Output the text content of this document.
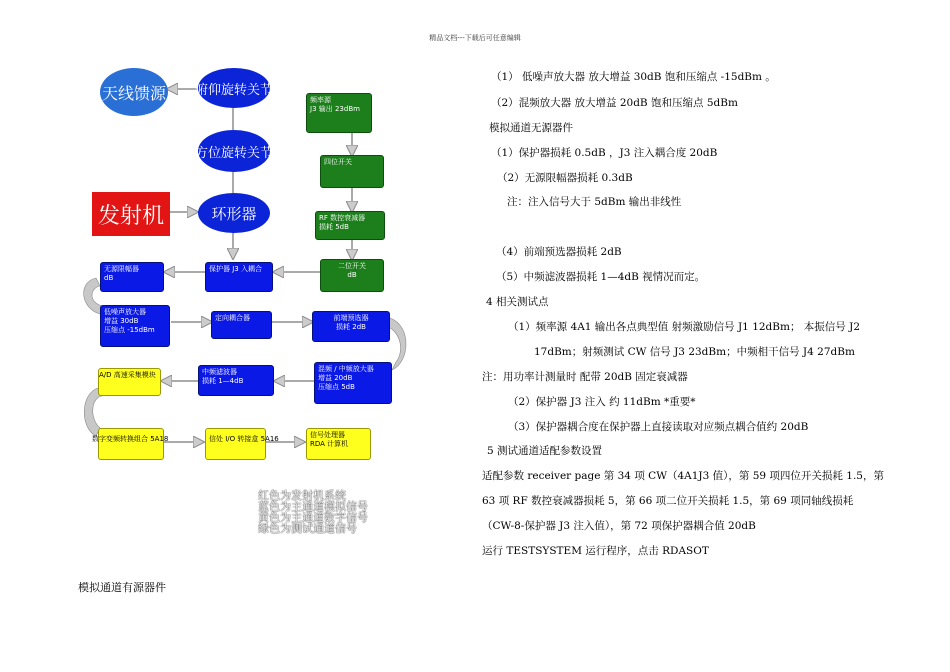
精品文档---下载后可任意编辑
天线馈源 俯仰旋转关节
方位旋转关节
环形器
发射机
频率源
J3 输出 23dBm
四位开关
RF 数控衰减器
损耗 5dB
二位开关
dB
无源限幅器
dB
保护器 J3 入耦合
低噪声放大器
增益 30dB
压缩点 -15dBm
定向耦合器	前端预选器
损耗 2dB
混频 / 中频放大器
增益 20dB
压缩点 5dB
中频滤波器
损耗 1—4dB
A/D 高速采集模块
数字变频转换组合 5A18	信处 I/O 转接盒 5A16	信号处理器
RDA 计算机
红色为发射机系统
蓝色为主通道模拟信号
黄色为主通道数字信号
绿色为测试通道信号
模拟通道有源器件
（1） 低噪声放大器 放大增益 30dB 饱和压缩点 -15dBm 。
（2）混频放大器 放大增益 20dB 饱和压缩点 5dBm
模拟通道无源器件
（1）保护器损耗 0.5dB ，J3 注入耦合度 20dB
（2）无源限幅器损耗 0.3dB
注：注入信号大于 5dBm 输出非线性
（4）前端预选器损耗 2dB
（5）中频滤波器损耗 1—4dB 视情况而定。
4 相关测试点
（1）频率源 4A1 输出各点典型值 射频激励信号 J1 12dBm； 本振信号 J2
17dBm；射频测试 CW 信号 J3 23dBm；中频相干信号 J4 27dBm
注：用功率计测量时 配带 20dB 固定衰减器
（2）保护器 J3 注入 约 11dBm *重要*
（3）保护器耦合度在保护器上直接读取对应频点耦合值约 20dB
5 测试通道适配参数设置
适配参数 receiver page 第 34 项 CW（4A1J3 值），第 59 项四位开关损耗 1.5，第
63 项 RF 数控衰减器损耗 5，第 66 项二位开关损耗 1.5，第 69 项同轴线损耗
（CW-8-保护器 J3 注入值），第 72 项保护器耦合值 20dB
运行 TESTSYSTEM 运行程序，点击 RDASOT
